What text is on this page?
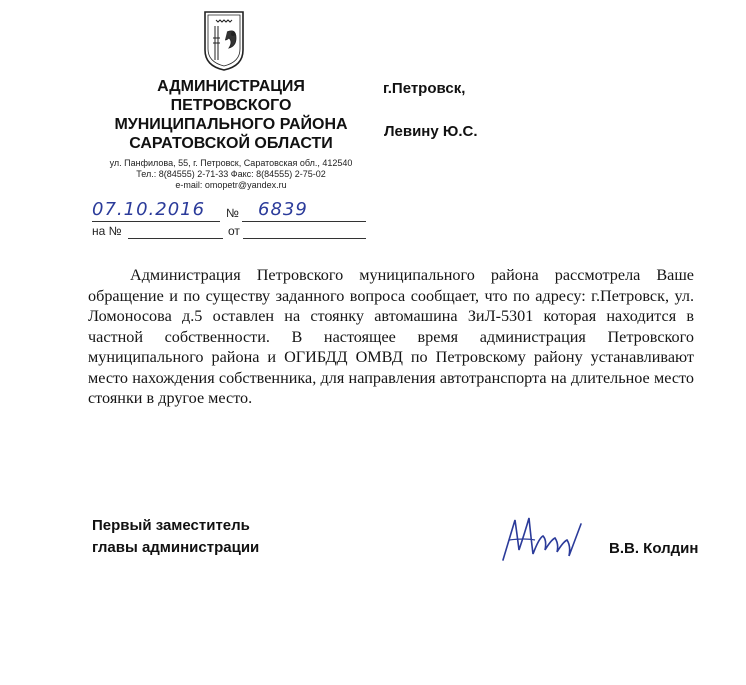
АДМИНИСТРАЦИЯ
ПЕТРОВСКОГО
МУНИЦИПАЛЬНОГО РАЙОНА
САРАТОВСКОЙ ОБЛАСТИ
ул. Панфилова, 55, г. Петровск, Саратовская обл., 412540
Тел.: 8(84555) 2-71-33 Факс: 8(84555) 2-75-02
e-mail: omopetr@yandex.ru
г.Петровск,
Левину Ю.С.
07.10.2016 № 6839
на №	от

Администрация Петровского муниципального района рассмотрела Ваше обращение и по существу заданного вопроса сообщает, что по адресу: г.Петровск, ул. Ломоносова д.5 оставлен на стоянку автомашина ЗиЛ-5301 которая находится в частной собственности. В настоящее время администрация Петровского муниципального района и ОГИБДД ОМВД по Петровскому району устанавливают место нахождения собственника, для направления автотранспорта на длительное место стоянки в другое место.

Первый заместитель
главы администрации	В.В. Колдин
